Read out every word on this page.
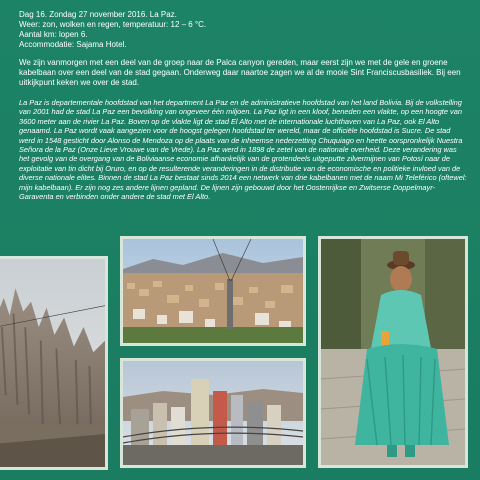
Dag 16. Zondag 27 november 2016. La Paz.
Weer: zon, wolken en regen, temperatuur: 12 – 6 °C.
Aantal km: lopen 6.
Accommodatie: Sajama Hotel.
We zijn vanmorgen met een deel van de groep naar de Palca canyon gereden, maar eerst zijn we met de gele en groene kabelbaan over een deel van de stad gegaan. Onderweg daar naartoe zagen we al de mooie Sint Franciscusbasiliek. Bij een uitkijkpunt keken we over de stad.
La Paz is departementale hoofdstad van het department La Paz en de administratieve hoofdstad van het land Bolivia. Bij de volkstelling van 2001 had de stad La Paz een bevolking van ongeveer één miljoen. La Paz ligt in een kloof, beneden een vlakte, op een hoogte van 3600 meter aan de rivier La Paz. Boven op de vlakte ligt de stad El Alto met de internationale luchthaven van La Paz, ook El Alto genaamd. La Paz wordt vaak aangezien voor de hoogst gelegen hoofdstad ter wereld, maar de officiële hoofdstad is Sucre. De stad werd in 1548 gesticht door Alonso de Mendoza op de plaats van de inheemse nederzetting Chuquiago en heette oorspronkelijk Nuestra Señora de la Paz (Onze Lieve Vrouwe van de Vrede). La Paz werd in 1898 de zetel van de nationale overheid. Deze verandering was het gevolg van de overgang van de Boliviaanse economie afhankelijk van de grotendeels uitgeputte zilvermijnen van Potosí naar de exploitatie van tin dicht bij Oruro, en op de resulterende veranderingen in de distributie van de economische en politieke invloed van de diverse nationale elites. Binnen de stad La Paz bestaat sinds 2014 een netwerk van drie kabelbanen met de naam Mi Teleférico (oftewel: mijn kabelbaan). Er zijn nog zes andere lijnen gepland. De lijnen zijn gebouwd door het Oostenrijkse en Zwitserse Doppelmayr-Garaventa en verbinden onder andere de stad met El Alto.
